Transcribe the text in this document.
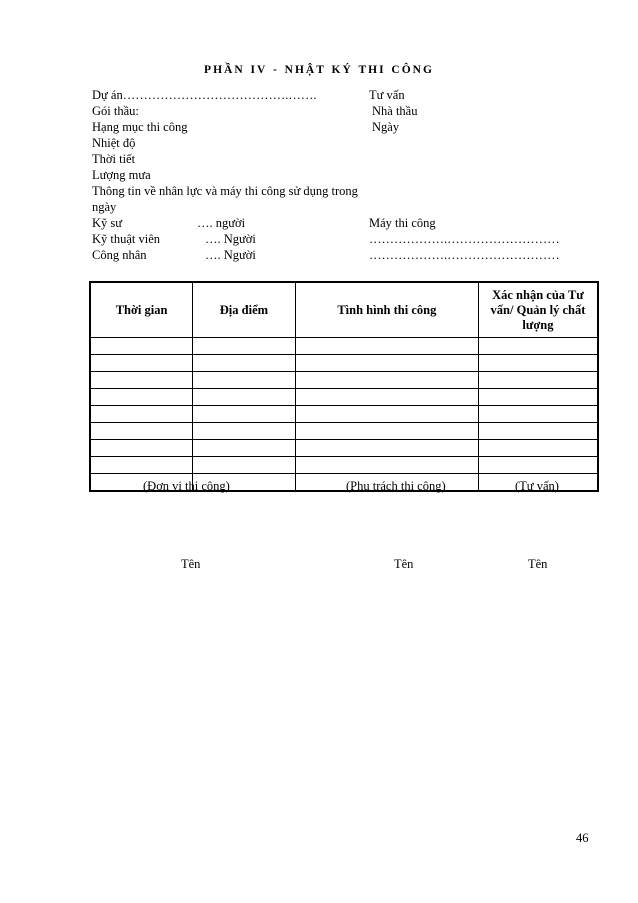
PHẦN IV - NHẬT KÝ THI CÔNG
Dự án………………………………….…….	Tư vấn
Gói thầu:	Nhà thầu
Hạng mục thi công	Ngày
Nhiệt độ
Thời tiết
Lượng mưa
Thông tin về nhân lực và máy thi công sử dụng trong
ngày
Kỹ sư	…. người	Máy thi công
Kỹ thuật viên	…. Người	……………….………………………
Công nhân	…. Người	……………….………………………
Thời gian	Địa điểm	Tình hình thi công	Xác nhận của Tư vấn/ Quản lý chất lượng

(Đơn vị thi công)	(Phụ trách thi công)	(Tư vấn)
Tên	Tên	Tên
46
